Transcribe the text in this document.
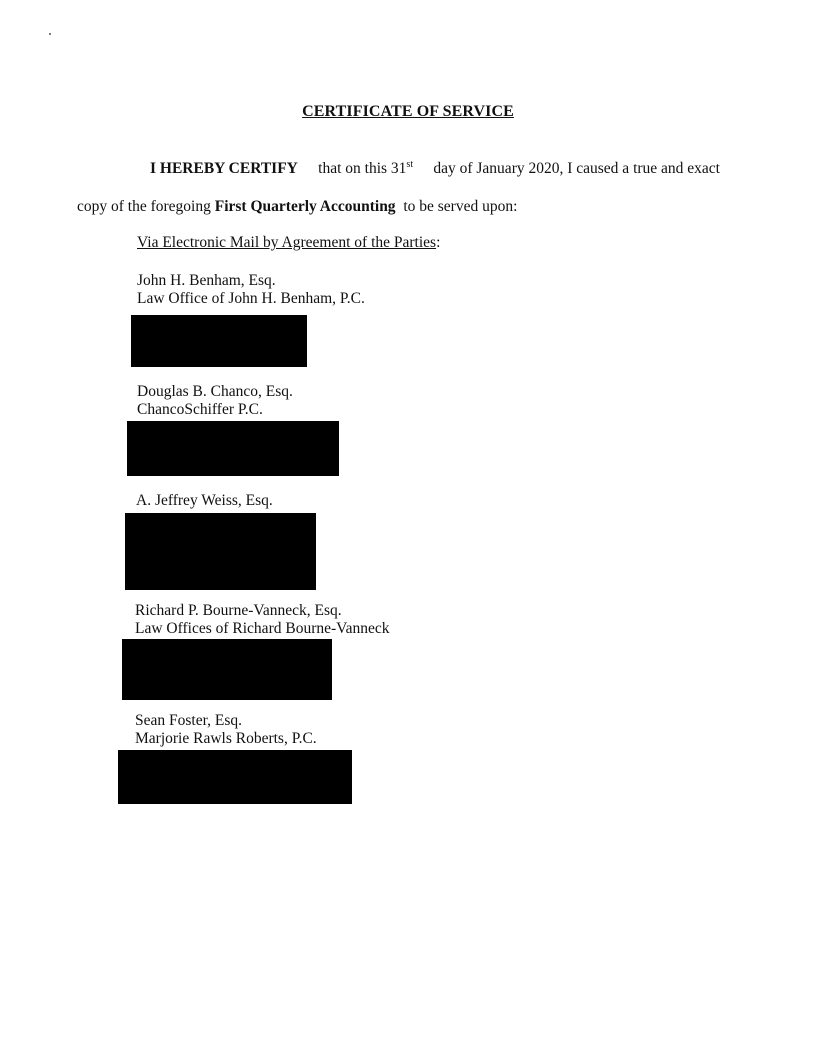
CERTIFICATE OF SERVICE
I HEREBY CERTIFY that on this 31st day of January 2020, I caused a true and exact
copy of the foregoing First Quarterly Accounting to be served upon:
Via Electronic Mail by Agreement of the Parties:
John H. Benham, Esq.
Law Office of John H. Benham, P.C.
Douglas B. Chanco, Esq.
ChancoSchiffer P.C.
A. Jeffrey Weiss, Esq.
Richard P. Bourne-Vanneck, Esq.
Law Offices of Richard Bourne-Vanneck
Sean Foster, Esq.
Marjorie Rawls Roberts, P.C.
